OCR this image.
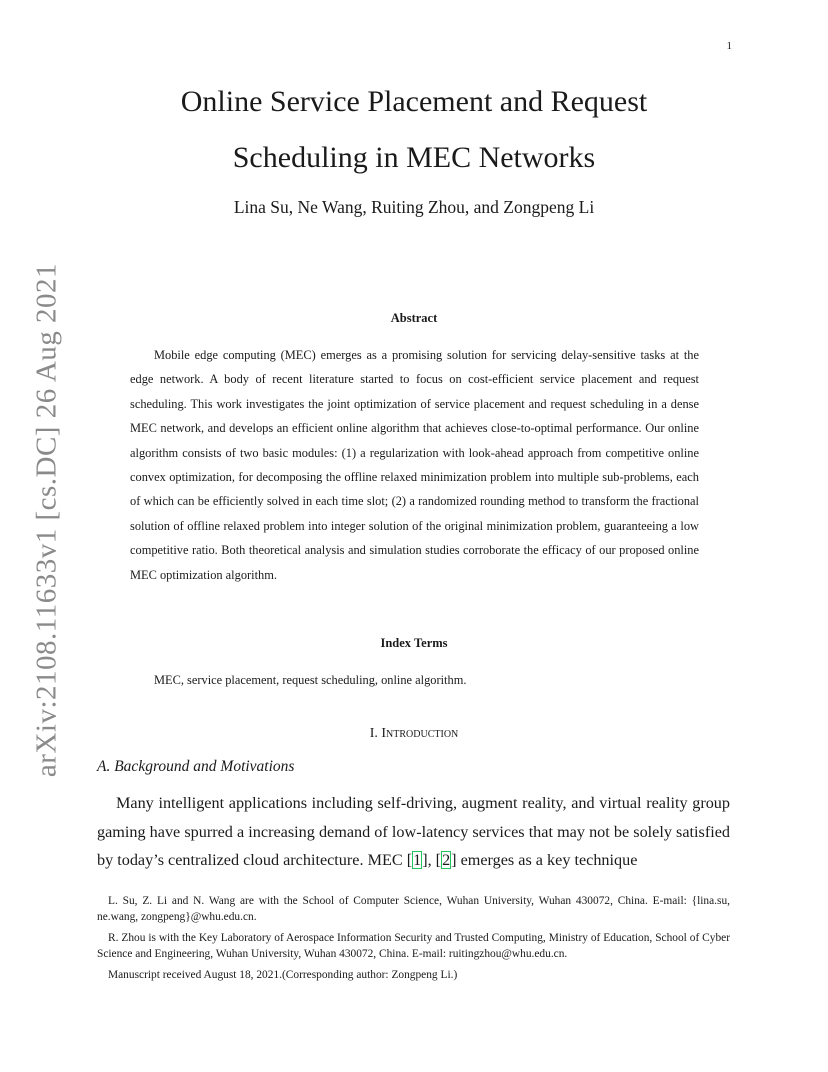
1
arXiv:2108.11633v1 [cs.DC] 26 Aug 2021
Online Service Placement and Request
Scheduling in MEC Networks
Lina Su, Ne Wang, Ruiting Zhou, and Zongpeng Li
Abstract

Mobile edge computing (MEC) emerges as a promising solution for servicing delay-sensitive tasks at the edge network. A body of recent literature started to focus on cost-efficient service placement and request scheduling. This work investigates the joint optimization of service placement and request scheduling in a dense MEC network, and develops an efficient online algorithm that achieves close-to-optimal performance. Our online algorithm consists of two basic modules: (1) a regularization with look-ahead approach from competitive online convex optimization, for decomposing the offline relaxed minimization problem into multiple sub-problems, each of which can be efficiently solved in each time slot; (2) a randomized rounding method to transform the fractional solution of offline relaxed problem into integer solution of the original minimization problem, guaranteeing a low competitive ratio. Both theoretical analysis and simulation studies corroborate the efficacy of our proposed online MEC optimization algorithm.

Index Terms
MEC, service placement, request scheduling, online algorithm.
I. Introduction
A. Background and Motivations

Many intelligent applications including self-driving, augment reality, and virtual reality group gaming have spurred a increasing demand of low-latency services that may not be solely satisfied by today’s centralized cloud architecture. MEC [1], [2] emerges as a key technique

L. Su, Z. Li and N. Wang are with the School of Computer Science, Wuhan University, Wuhan 430072, China. E-mail: {lina.su, ne.wang, zongpeng}@whu.edu.cn.

R. Zhou is with the Key Laboratory of Aerospace Information Security and Trusted Computing, Ministry of Education, School of Cyber Science and Engineering, Wuhan University, Wuhan 430072, China. E-mail: ruitingzhou@whu.edu.cn.

Manuscript received August 18, 2021.(Corresponding author: Zongpeng Li.)
